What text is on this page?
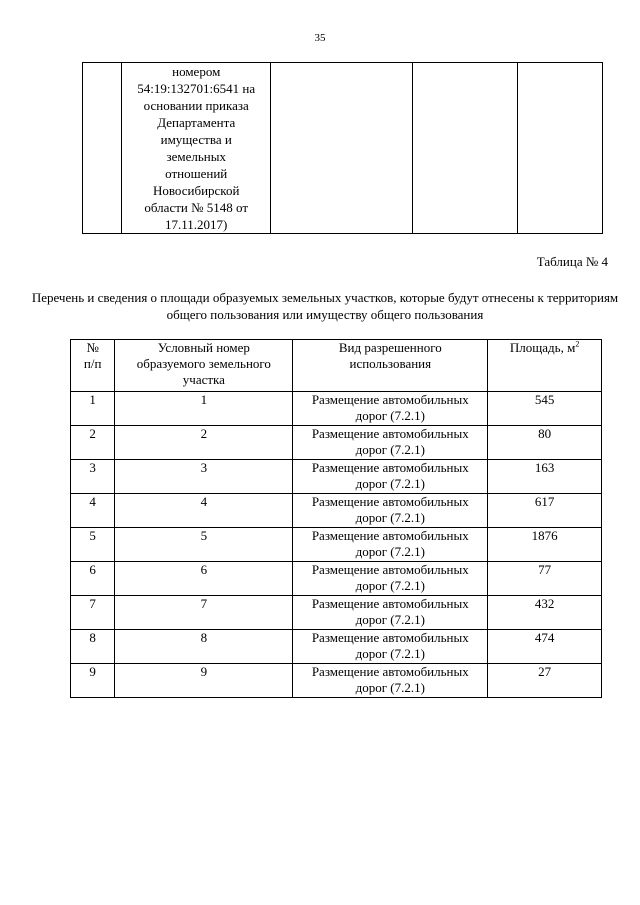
35

номером
54:19:132701:6541 на
основании приказа
Департамента
имущества и
земельных
отношений
Новосибирской
области № 5148 от
17.11.2017)

Таблица № 4
Перечень и сведения о площади образуемых земельных участков, которые будут отнесены к территориям общего пользования или имуществу общего пользования
№
п/п	Условный номер образуемого земельного участка	Вид разрешенного использования	Площадь, $м^2$
1	1	Размещение автомобильных дорог (7.2.1)	545
2	2	Размещение автомобильных дорог (7.2.1)	80
3	3	Размещение автомобильных дорог (7.2.1)	163
4	4	Размещение автомобильных дорог (7.2.1)	617
5	5	Размещение автомобильных дорог (7.2.1)	1876
6	6	Размещение автомобильных дорог (7.2.1)	77
7	7	Размещение автомобильных дорог (7.2.1)	432
8	8	Размещение автомобильных дорог (7.2.1)	474
9	9	Размещение автомобильных дорог (7.2.1)	27
